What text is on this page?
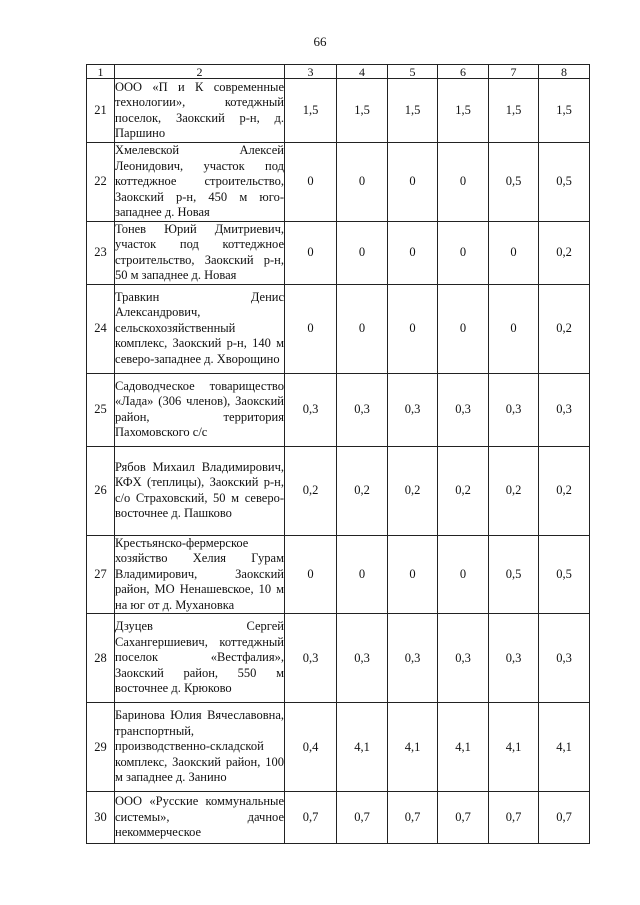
66
1	2	3	4	5	6	7	8
21	ООО «П и К современные технологии», котеджный поселок, Заокский р-н, д. Паршино	1,5	1,5	1,5	1,5	1,5	1,5
22	Хмелевской Алексей Леонидович, участок под коттеджное строительство, Заокский р-н, 450 м юго-западнее д. Новая	0	0	0	0	0,5	0,5
23	Тонев Юрий Дмитриевич, участок под коттеджное строительство, Заокский р-н, 50 м западнее д. Новая	0	0	0	0	0	0,2
24	Травкин Денис Александрович, сельскохозяйственный комплекс, Заокский р-н, 140 м северо-западнее д. Хворощино	0	0	0	0	0	0,2
25	Садоводческое товарищество «Лада» (306 членов), Заокский район, территория Пахомовского с/с	0,3	0,3	0,3	0,3	0,3	0,3
26	Рябов Михаил Владимирович, КФХ (теплицы), Заокский р-н, с/о Страховский, 50 м северо-восточнее д. Пашково	0,2	0,2	0,2	0,2	0,2	0,2
27	Крестьянско-фермерское хозяйство Хелия Гурам Владимирович, Заокский район, МО Ненашевское, 10 м на юг от д. Мухановка	0	0	0	0	0,5	0,5
28	Дзуцев Сергей Сахангершиевич, коттеджный поселок «Вестфалия», Заокский район, 550 м восточнее д. Крюково	0,3	0,3	0,3	0,3	0,3	0,3
29	Баринова Юлия Вячеславовна, транспортный, производственно-складской комплекс, Заокский район, 100 м западнее д. Занино	0,4	4,1	4,1	4,1	4,1	4,1
30	ООО «Русские коммунальные системы», дачное некоммерческое	0,7	0,7	0,7	0,7	0,7	0,7
